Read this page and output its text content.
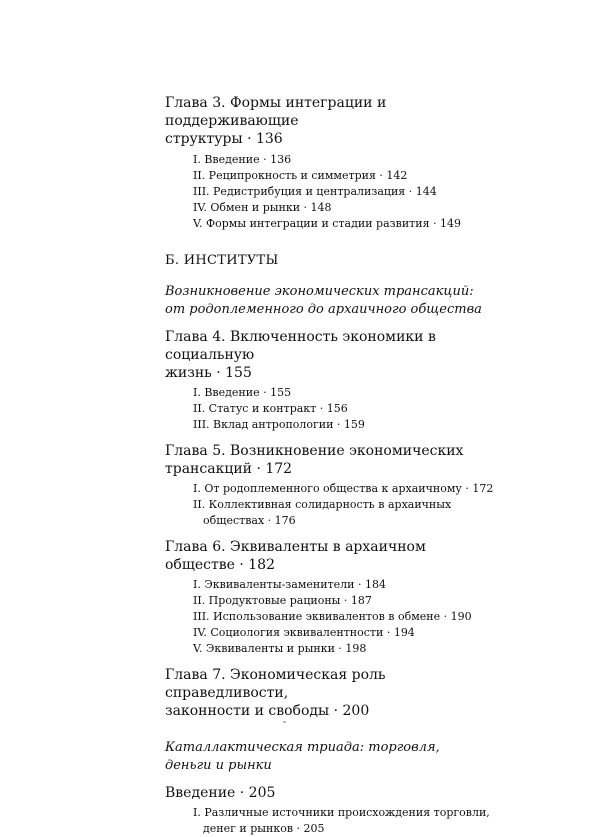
Глава 3. Формы интеграции и поддерживающие
структуры · 136
I. Введение · 136
II. Реципрокность и симметрия · 142
III. Редистрибуция и централизация · 144
IV. Обмен и рынки · 148
V. Формы интеграции и стадии развития · 149
Б. ИНСТИТУТЫ
Возникновение экономических трансакций:
от родоплеменного до архаичного общества
Глава 4. Включенность экономики в социальную
жизнь · 155
I. Введение · 155
II. Статус и контракт · 156
III. Вклад антропологии · 159
Глава 5. Возникновение экономических
трансакций · 172
I. От родоплеменного общества к архаичному · 172
II. Коллективная солидарность в архаичных
обществах · 176
Глава 6. Эквиваленты в архаичном обществе · 182
I. Эквиваленты-заменители · 184
II. Продуктовые рационы · 187
III. Использование эквивалентов в обмене · 190
IV. Социология эквивалентности · 194
V. Эквиваленты и рынки · 198
Глава 7. Экономическая роль справедливости,
законности и свободы · 200
Каталлактическая триада: торговля,
деньги и рынки
Введение · 205
I. Различные источники происхождения торговли,
денег и рынков · 205
